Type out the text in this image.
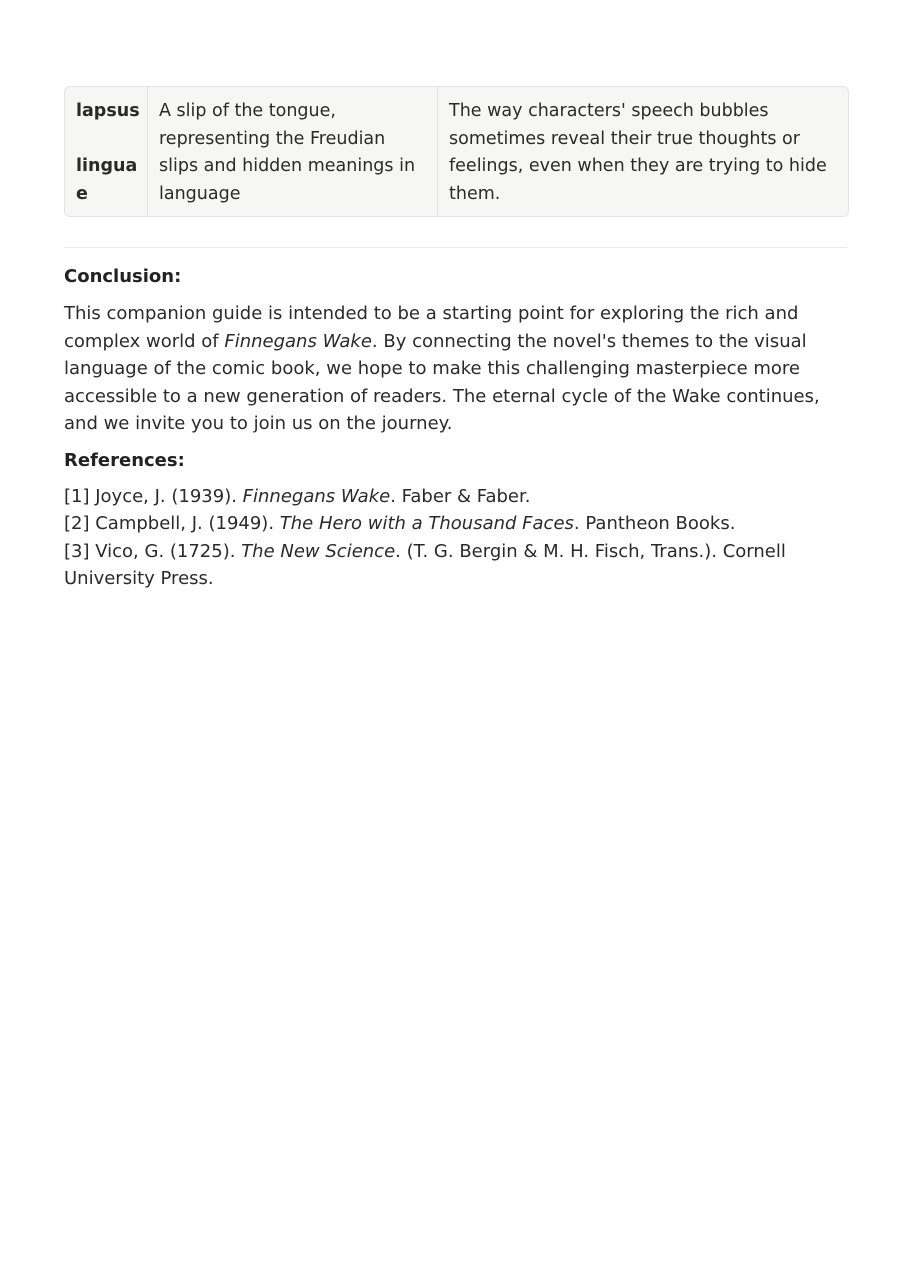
lapsus
lingua
e
A slip of the tongue, representing the Freudian slips and hidden meanings in language
The way characters' speech bubbles sometimes reveal their true thoughts or feelings, even when they are trying to hide them.
Conclusion:

This companion guide is intended to be a starting point for exploring the rich and complex world of Finnegans Wake. By connecting the novel's themes to the visual language of the comic book, we hope to make this challenging masterpiece more accessible to a new generation of readers. The eternal cycle of the Wake continues, and we invite you to join us on the journey.

References:
[1] Joyce, J. (1939). Finnegans Wake. Faber & Faber.
[2] Campbell, J. (1949). The Hero with a Thousand Faces. Pantheon Books.
[3] Vico, G. (1725). The New Science. (T. G. Bergin & M. H. Fisch, Trans.). Cornell University Press.
